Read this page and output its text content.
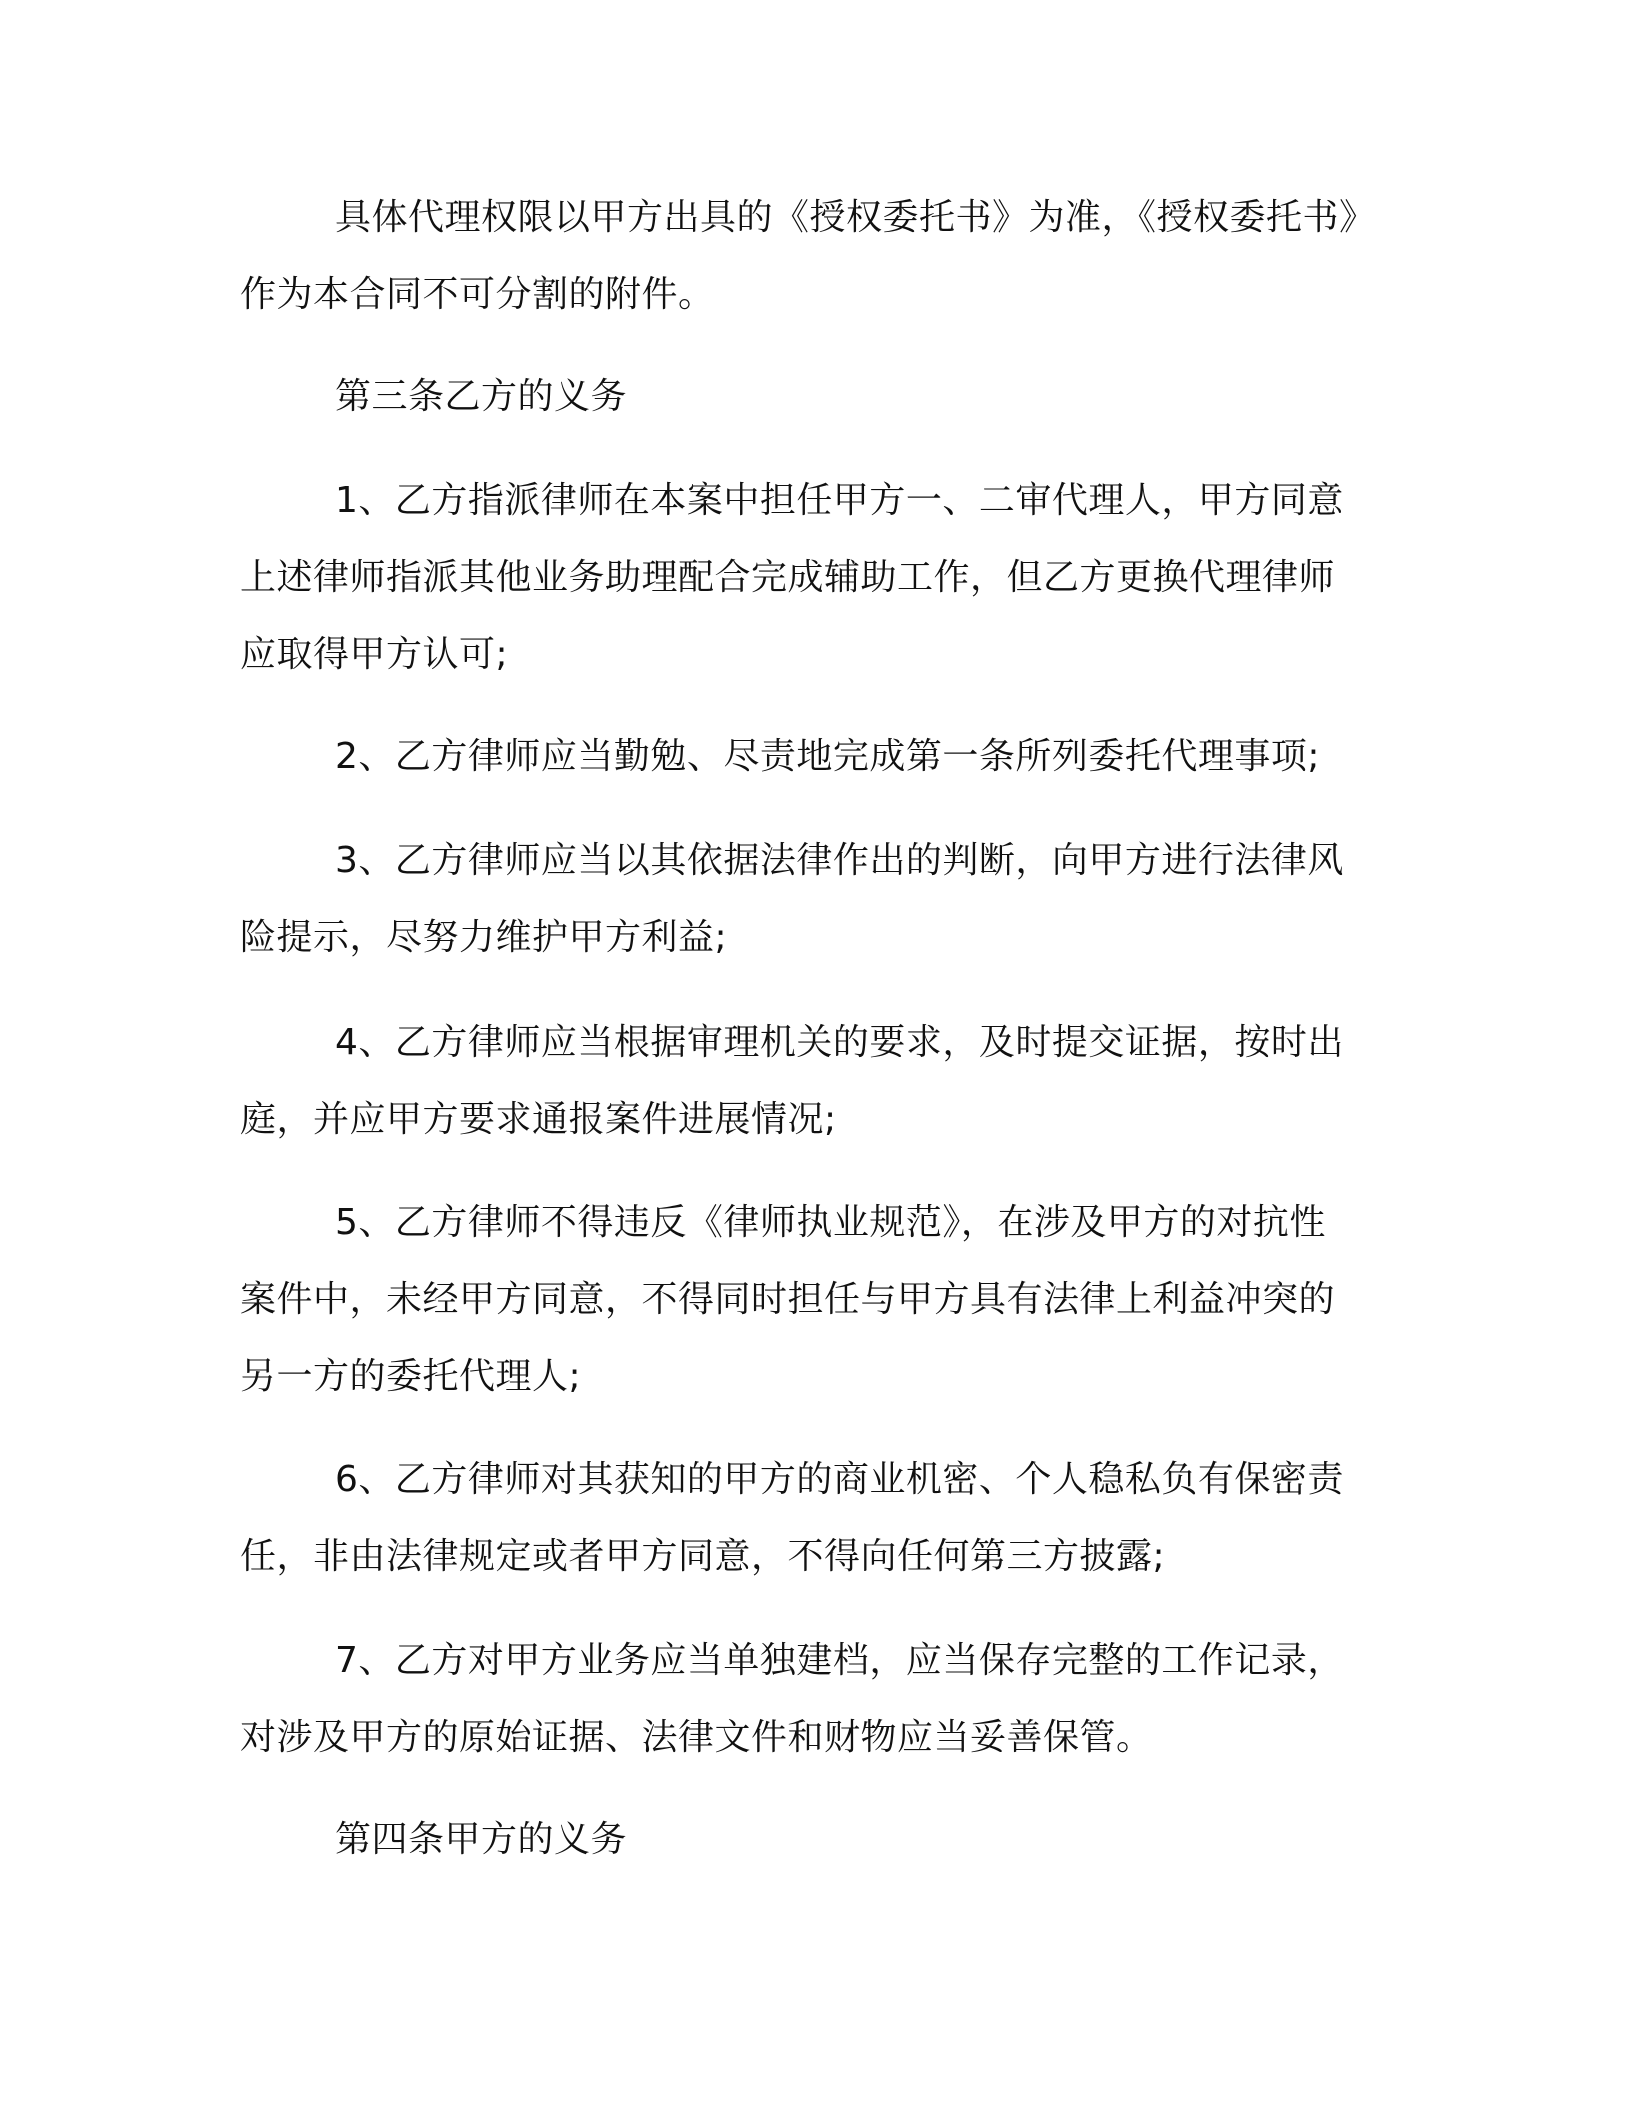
具体代理权限以甲方出具的《授权委托书》为准，《授权委托书》
作为本合同不可分割的附件。
第三条乙方的义务
1、乙方指派律师在本案中担任甲方一、二审代理人，甲方同意
上述律师指派其他业务助理配合完成辅助工作，但乙方更换代理律师
应取得甲方认可;
2、乙方律师应当勤勉、尽责地完成第一条所列委托代理事项;
3、乙方律师应当以其依据法律作出的判断，向甲方进行法律风
险提示，尽努力维护甲方利益;
4、乙方律师应当根据审理机关的要求，及时提交证据，按时出
庭，并应甲方要求通报案件进展情况;
5、乙方律师不得违反《律师执业规范》，在涉及甲方的对抗性
案件中，未经甲方同意，不得同时担任与甲方具有法律上利益冲突的
另一方的委托代理人;
6、乙方律师对其获知的甲方的商业机密、个人稳私负有保密责
任，非由法律规定或者甲方同意，不得向任何第三方披露;
7、乙方对甲方业务应当单独建档，应当保存完整的工作记录，
对涉及甲方的原始证据、法律文件和财物应当妥善保管。
第四条甲方的义务
